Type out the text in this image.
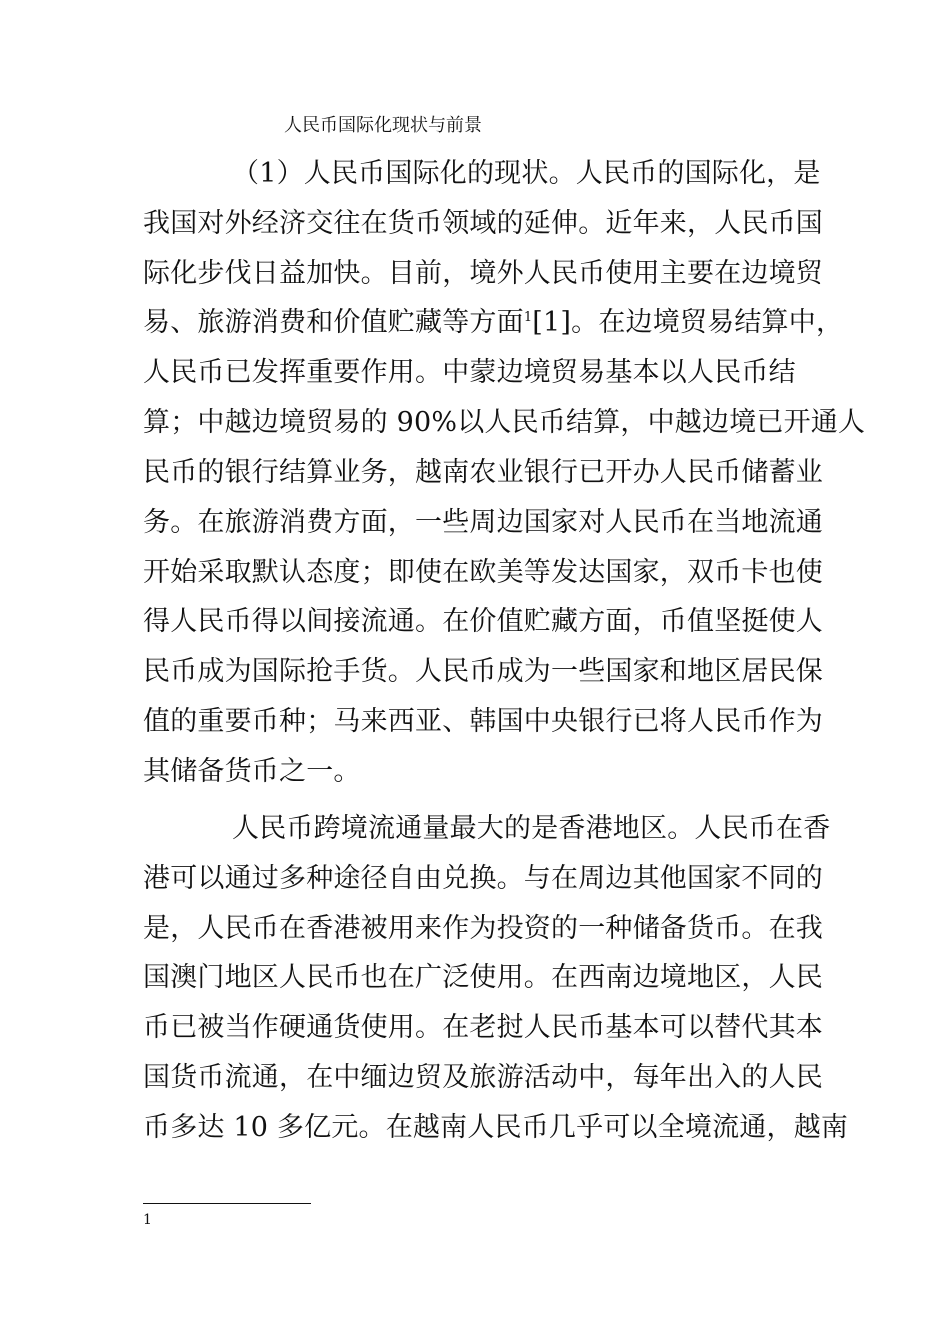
人民币国际化现状与前景
（1）人民币国际化的现状。人民币的国际化，是
我国对外经济交往在货币领域的延伸。近年来，人民币国
际化步伐日益加快。目前，境外人民币使用主要在边境贸
易、旅游消费和价值贮藏等方面$^1$[1]。在边境贸易结算中，
人民币已发挥重要作用。中蒙边境贸易基本以人民币结
算；中越边境贸易的 90%以人民币结算，中越边境已开通人
民币的银行结算业务，越南农业银行已开办人民币储蓄业
务。在旅游消费方面，一些周边国家对人民币在当地流通
开始采取默认态度；即使在欧美等发达国家，双币卡也使
得人民币得以间接流通。在价值贮藏方面，币值坚挺使人
民币成为国际抢手货。人民币成为一些国家和地区居民保
值的重要币种；马来西亚、韩国中央银行已将人民币作为
其储备货币之一。
人民币跨境流通量最大的是香港地区。人民币在香
港可以通过多种途径自由兑换。与在周边其他国家不同的
是，人民币在香港被用来作为投资的一种储备货币。在我
国澳门地区人民币也在广泛使用。在西南边境地区，人民
币已被当作硬通货使用。在老挝人民币基本可以替代其本
国货币流通，在中缅边贸及旅游活动中，每年出入的人民
币多达 10 多亿元。在越南人民币几乎可以全境流通，越南
1
